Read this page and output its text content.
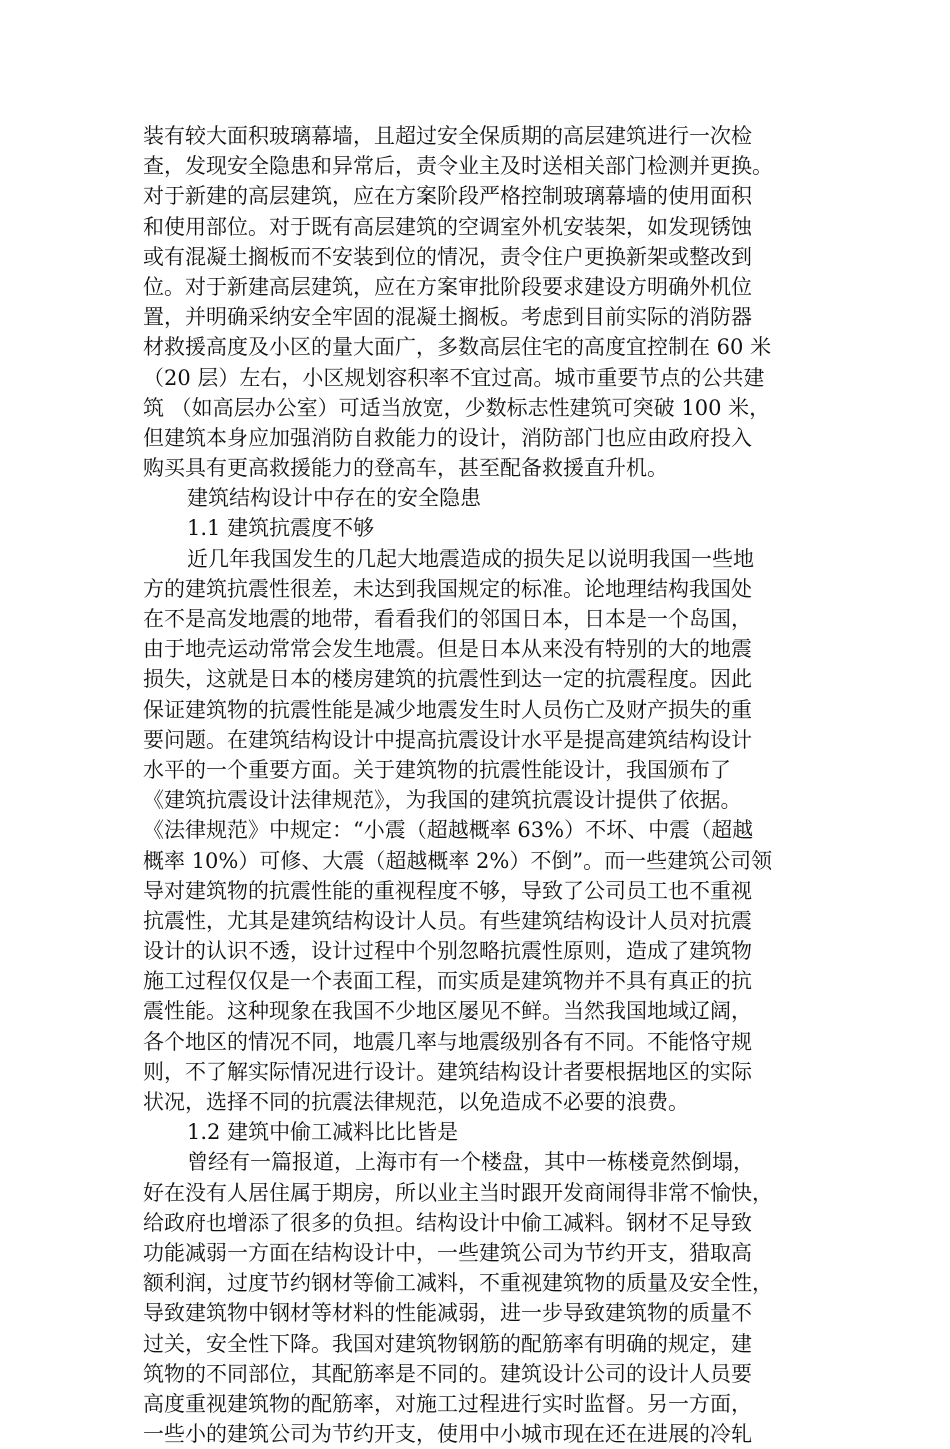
装有较大面积玻璃幕墙，且超过安全保质期的高层建筑进行一次检
查，发现安全隐患和异常后，责令业主及时送相关部门检测并更换。
对于新建的高层建筑，应在方案阶段严格控制玻璃幕墙的使用面积
和使用部位。对于既有高层建筑的空调室外机安装架，如发现锈蚀
或有混凝土搁板而不安装到位的情况，责令住户更换新架或整改到
位。对于新建高层建筑，应在方案审批阶段要求建设方明确外机位
置，并明确采纳安全牢固的混凝土搁板。考虑到目前实际的消防器
材救援高度及小区的量大面广，多数高层住宅的高度宜控制在 60 米
（20 层）左右，小区规划容积率不宜过高。城市重要节点的公共建
筑 （如高层办公室）可适当放宽，少数标志性建筑可突破 100 米，
但建筑本身应加强消防自救能力的设计，消防部门也应由政府投入
购买具有更高救援能力的登高车，甚至配备救援直升机。
建筑结构设计中存在的安全隐患
1.1 建筑抗震度不够
近几年我国发生的几起大地震造成的损失足以说明我国一些地
方的建筑抗震性很差，未达到我国规定的标准。论地理结构我国处
在不是高发地震的地带，看看我们的邻国日本，日本是一个岛国，
由于地壳运动常常会发生地震。但是日本从来没有特别的大的地震
损失，这就是日本的楼房建筑的抗震性到达一定的抗震程度。因此
保证建筑物的抗震性能是减少地震发生时人员伤亡及财产损失的重
要问题。在建筑结构设计中提高抗震设计水平是提高建筑结构设计
水平的一个重要方面。关于建筑物的抗震性能设计，我国颁布了
《建筑抗震设计法律规范》，为我国的建筑抗震设计提供了依据。
《法律规范》中规定：“小震（超越概率 63%）不坏、中震（超越
概率 10%）可修、大震（超越概率 2%）不倒”。而一些建筑公司领
导对建筑物的抗震性能的重视程度不够，导致了公司员工也不重视
抗震性，尤其是建筑结构设计人员。有些建筑结构设计人员对抗震
设计的认识不透，设计过程中个别忽略抗震性原则，造成了建筑物
施工过程仅仅是一个表面工程，而实质是建筑物并不具有真正的抗
震性能。这种现象在我国不少地区屡见不鲜。当然我国地域辽阔，
各个地区的情况不同，地震几率与地震级别各有不同。不能恪守规
则，不了解实际情况进行设计。建筑结构设计者要根据地区的实际
状况，选择不同的抗震法律规范，以免造成不必要的浪费。
1.2 建筑中偷工减料比比皆是
曾经有一篇报道，上海市有一个楼盘，其中一栋楼竟然倒塌，
好在没有人居住属于期房，所以业主当时跟开发商闹得非常不愉快，
给政府也增添了很多的负担。结构设计中偷工减料。钢材不足导致
功能减弱一方面在结构设计中，一些建筑公司为节约开支，猎取高
额利润，过度节约钢材等偷工减料，不重视建筑物的质量及安全性，
导致建筑物中钢材等材料的性能减弱，进一步导致建筑物的质量不
过关，安全性下降。我国对建筑物钢筋的配筋率有明确的规定，建
筑物的不同部位，其配筋率是不同的。建筑设计公司的设计人员要
高度重视建筑物的配筋率，对施工过程进行实时监督。另一方面，
一些小的建筑公司为节约开支，使用中小城市现在还在进展的冷轧
